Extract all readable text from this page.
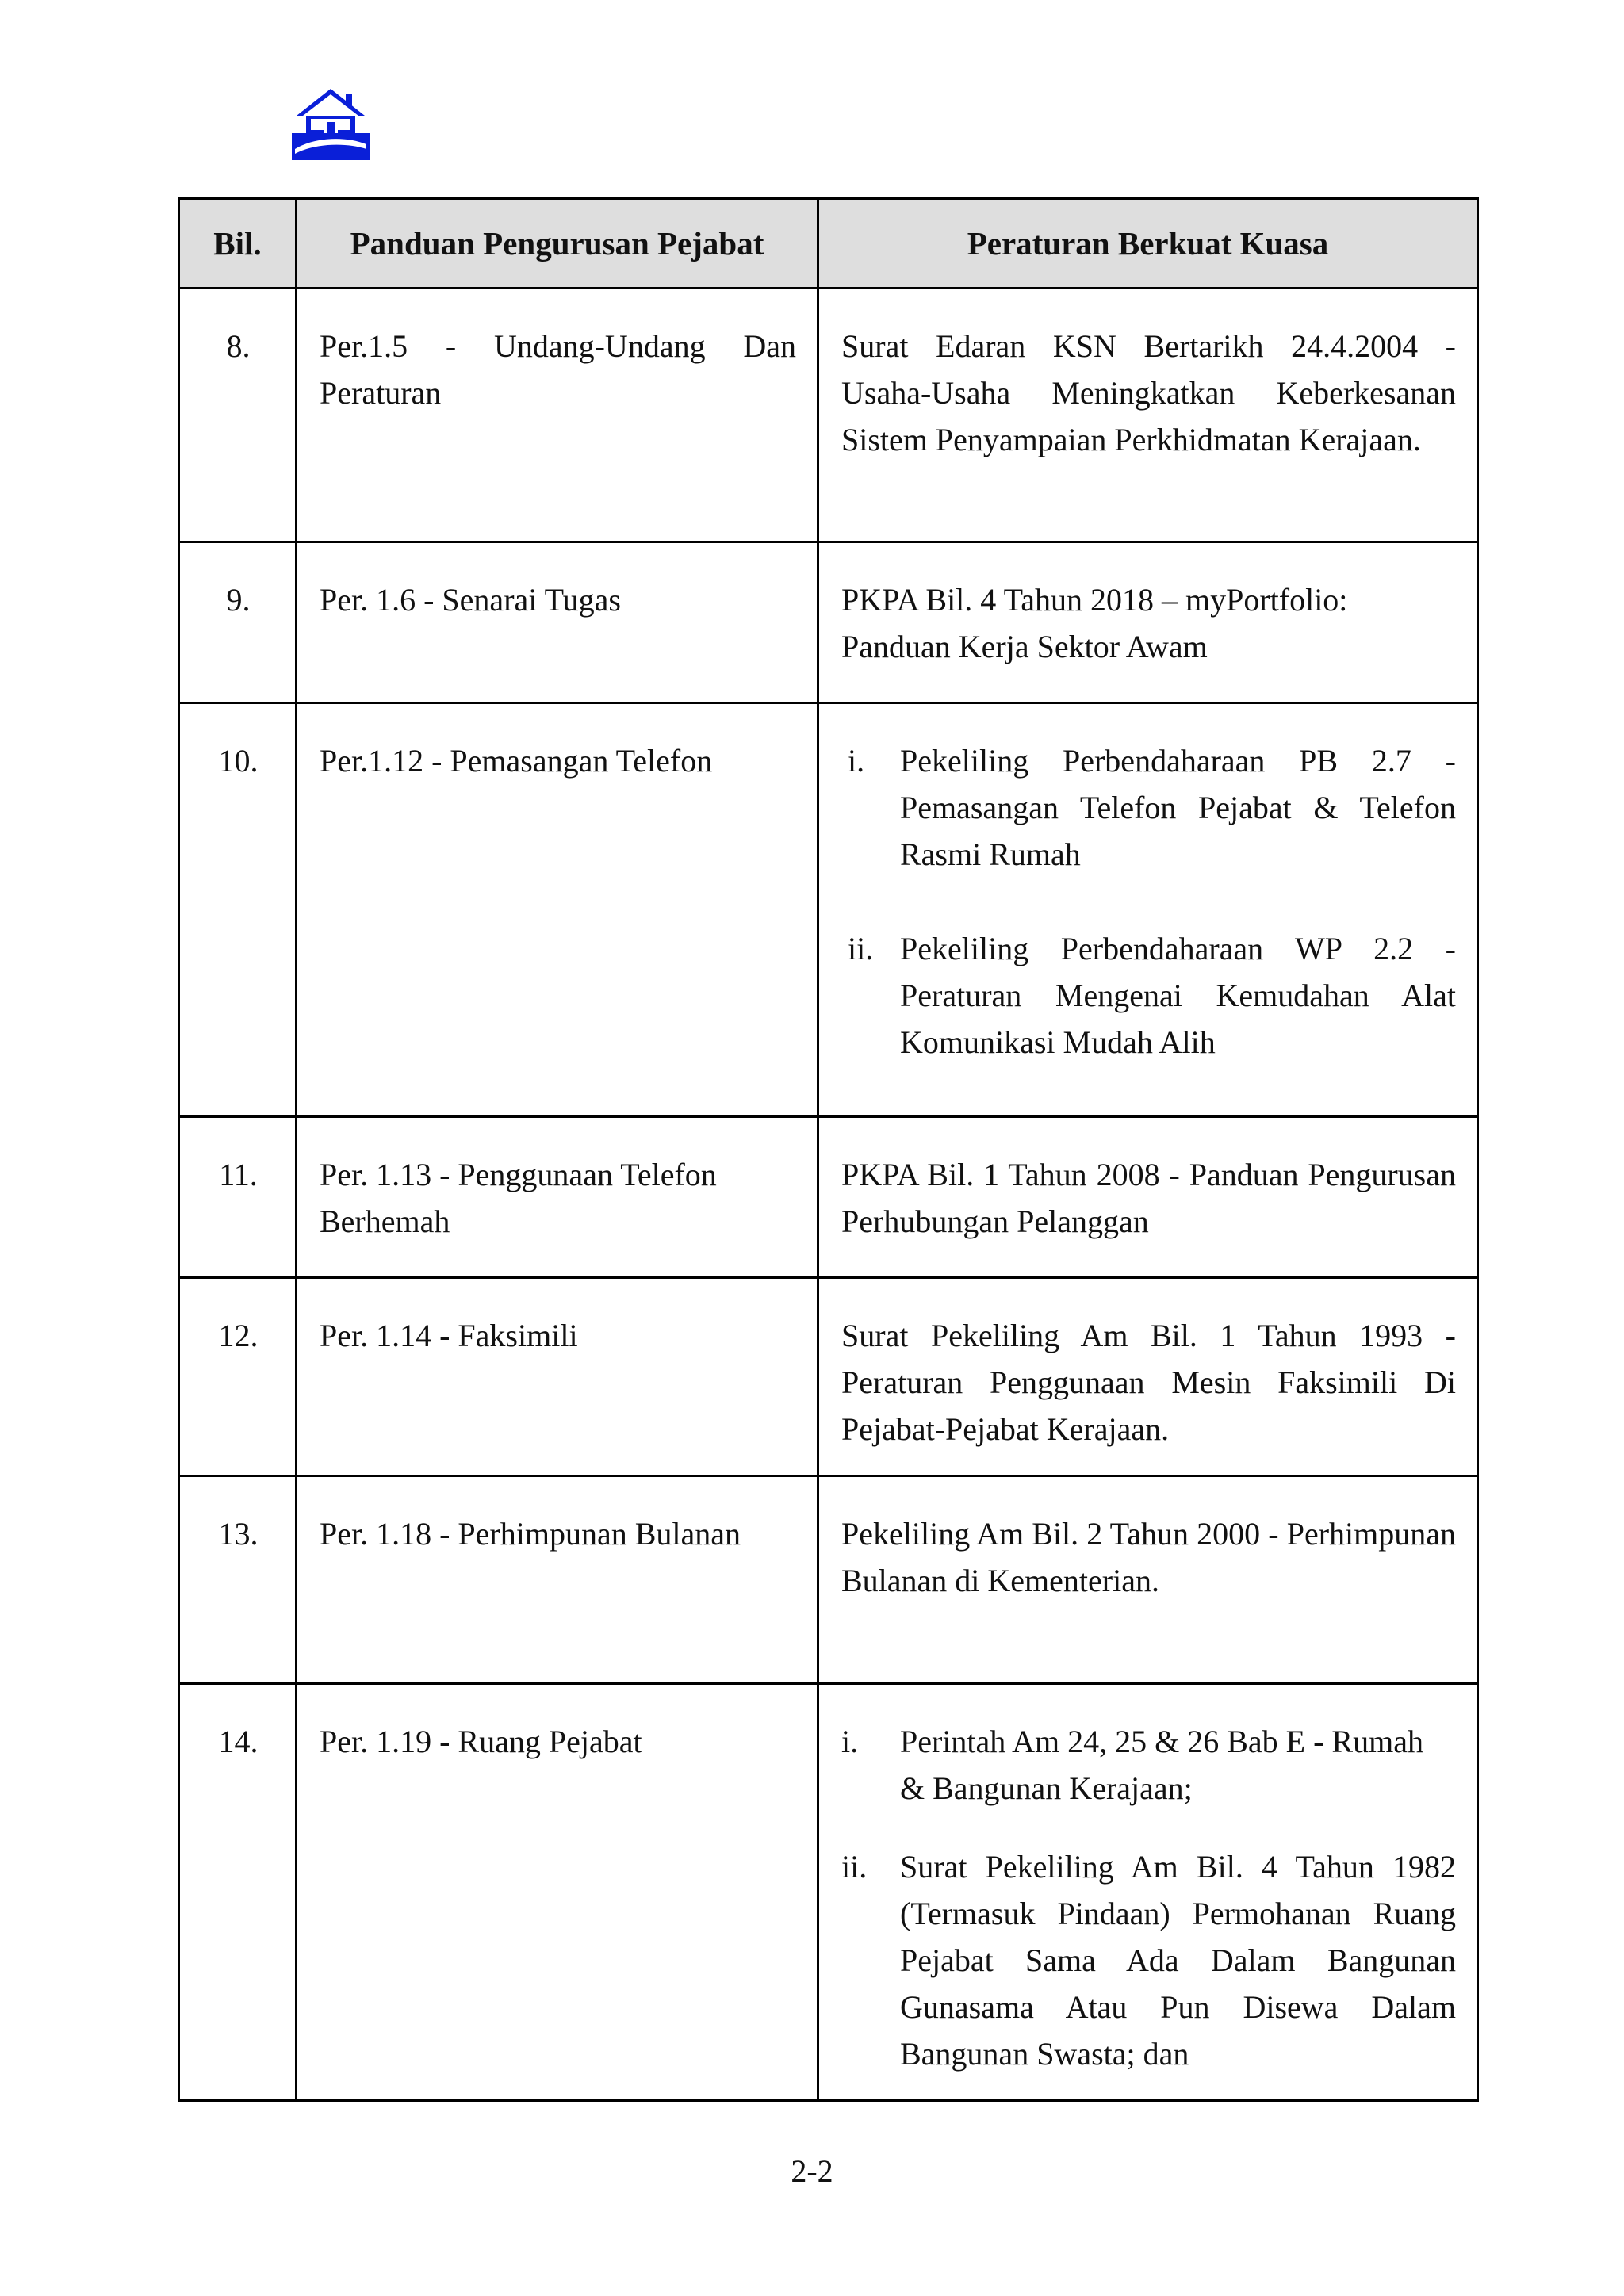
Bil.	Panduan Pengurusan Pejabat	Peraturan Berkuat Kuasa
8.	Per.1.5 - Undang-Undang Dan Peraturan	Surat Edaran KSN Bertarikh 24.4.2004 - Usaha-Usaha Meningkatkan Keberkesanan Sistem Penyampaian Perkhidmatan Kerajaan.
9.	Per. 1.6 - Senarai Tugas	PKPA Bil. 4 Tahun 2018 – myPortfolio: Panduan Kerja Sektor Awam
10.	Per.1.12 - Pemasangan Telefon	i. Pekeliling Perbendaharaan PB 2.7 - Pemasangan Telefon Pejabat & Telefon Rasmi Rumah
ii. Pekeliling Perbendaharaan WP 2.2 - Peraturan Mengenai Kemudahan Alat Komunikasi Mudah Alih

11.	Per. 1.13 - Penggunaan Telefon Berhemah	PKPA Bil. 1 Tahun 2008 - Panduan Pengurusan Perhubungan Pelanggan
12.	Per. 1.14 - Faksimili	Surat Pekeliling Am Bil. 1 Tahun 1993 - Peraturan Penggunaan Mesin Faksimili Di Pejabat-Pejabat Kerajaan.
13.	Per. 1.18 - Perhimpunan Bulanan	Pekeliling Am Bil. 2 Tahun 2000 - Perhimpunan Bulanan di Kementerian.
14.	Per. 1.19 - Ruang Pejabat	i. Perintah Am 24, 25 & 26 Bab E - Rumah & Bangunan Kerajaan;
ii. Surat Pekeliling Am Bil. 4 Tahun 1982 (Termasuk Pindaan) Permohanan Ruang Pejabat Sama Ada Dalam Bangunan Gunasama Atau Pun Disewa Dalam Bangunan Swasta; dan
2-2
